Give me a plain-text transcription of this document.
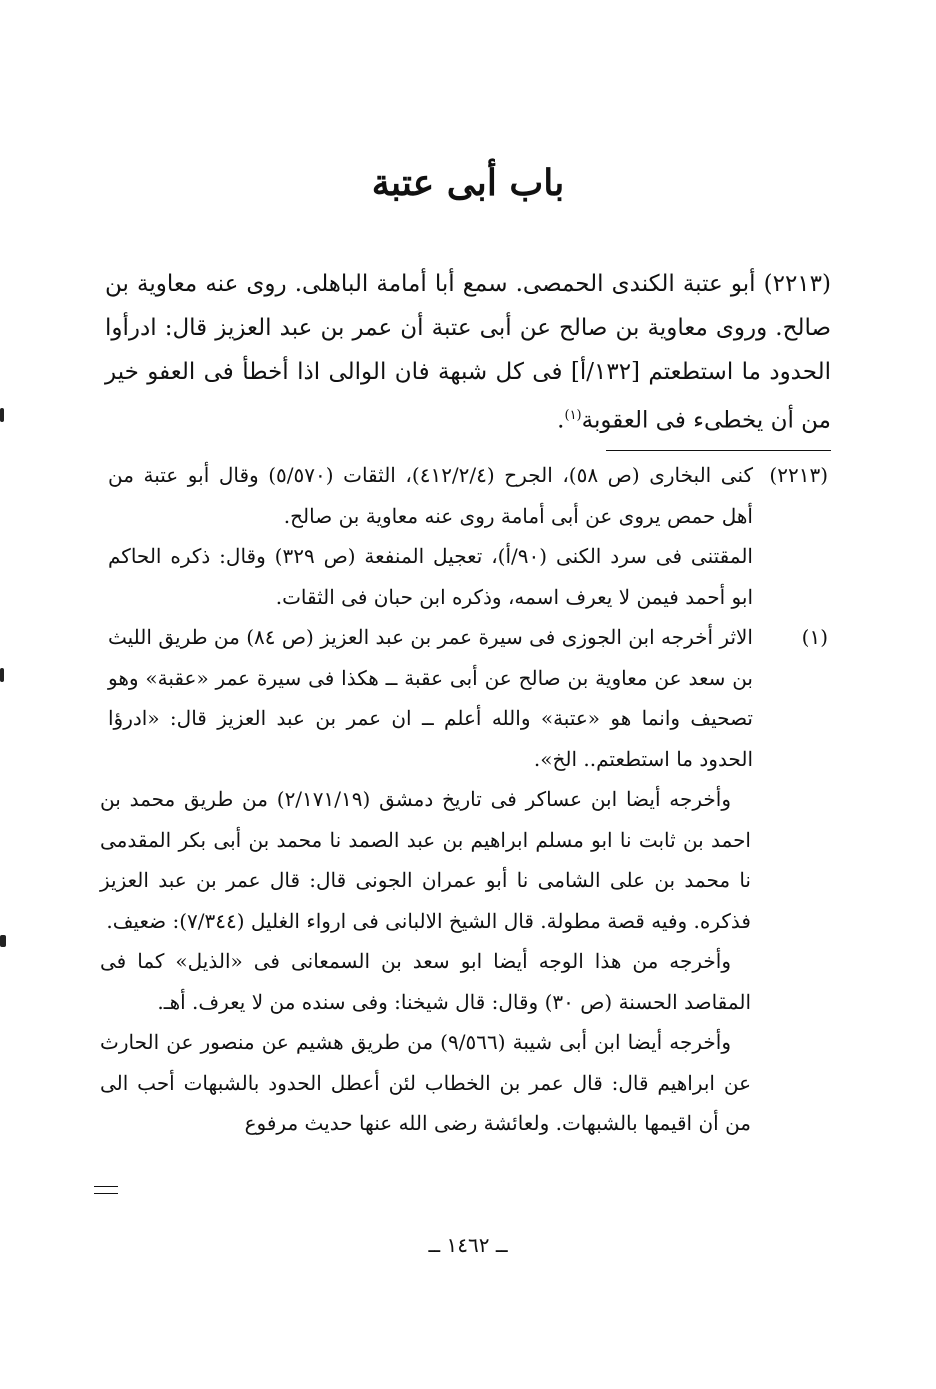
باب أبى عتبة

(٢٢١٣) أبو عتبة الكندى الحمصى. سمع أبا أمامة الباهلى. روى عنه معاوية بن صالح. وروى معاوية بن صالح عن أبى عتبة أن عمر بن عبد العزيز قال: ادرأوا الحدود ما استطعتم [١٣٢/أ] فى كل شبهة فان الوالى اذا أخطأ فى العفو خير من أن يخطىء فى العقوبة$^{(١)}$.

(٢٢١٣)

كنى البخارى (ص ٥٨)، الجرح (٤١٢/٢/٤)، الثقات (٥/٥٧٠) وقال أبو عتبة من أهل حمص يروى عن أبى أمامة روى عنه معاوية بن صالح.

المقتنى فى سرد الكنى (٩٠/أ)، تعجيل المنفعة (ص ٣٢٩) وقال: ذكره الحاكم ابو أحمد فيمن لا يعرف اسمه، وذكره ابن حبان فى الثقات.

(١)

الاثر أخرجه ابن الجوزى فى سيرة عمر بن عبد العزيز (ص ٨٤) من طريق الليث بن سعد عن معاوية بن صالح عن أبى عقبة ــ هكذا فى سيرة عمر «عقبة» وهو تصحيف وانما هو «عتبة» والله أعلم ــ ان عمر بن عبد العزيز قال: «ادرؤا الحدود ما استطعتم.. الخ».

وأخرجه أيضا ابن عساكر فى تاريخ دمشق (٢/١٧١/١٩) من طريق محمد بن احمد بن ثابت نا ابو مسلم ابراهيم بن عبد الصمد نا محمد بن أبى بكر المقدمى نا محمد بن على الشامى نا أبو عمران الجونى قال: قال عمر بن عبد العزيز فذكره. وفيه قصة مطولة. قال الشيخ الالبانى فى ارواء الغليل (٧/٣٤٤): ضعيف.

وأخرجه من هذا الوجه أيضا ابو سعد بن السمعانى فى «الذيل» كما فى المقاصد الحسنة (ص ٣٠) وقال: قال شيخنا: وفى سنده من لا يعرف. أهـ.

وأخرجه أيضا ابن أبى شيبة (٩/٥٦٦) من طريق هشيم عن منصور عن الحارث عن ابراهيم قال: قال عمر بن الخطاب لئن أعطل الحدود بالشبهات أحب الى من أن اقيمها بالشبهات. ولعائشة رضى الله عنها حديث مرفوع

ــ ١٤٦٢ ــ
